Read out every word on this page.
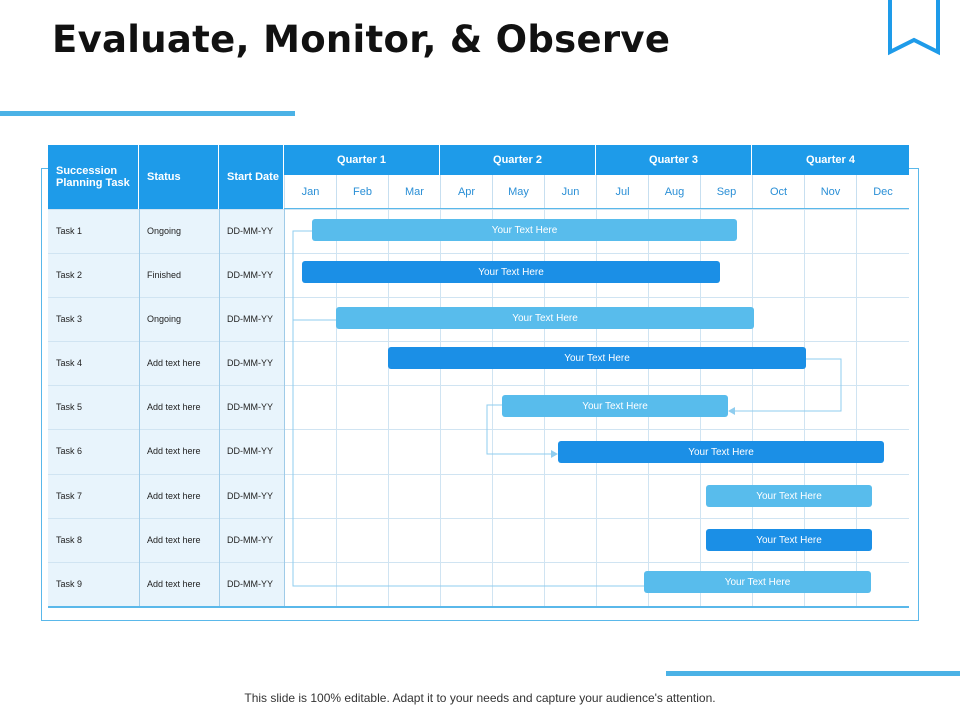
Evaluate, Monitor, & Observe
Succession Planning Task	Status	Start Date
Quarter 1	Quarter 2	Quarter 3	Quarter 4
Jan	Feb	Mar	Apr	May	Jun	Jul	Aug	Sep	Oct	Nov	Dec
Task 1	Ongoing	DD-MM-YY
Task 2	Finished	DD-MM-YY
Task 3	Ongoing	DD-MM-YY
Task 4	Add text here	DD-MM-YY
Task 5	Add text here	DD-MM-YY
Task 6	Add text here	DD-MM-YY
Task 7	Add text here	DD-MM-YY
Task 8	Add text here	DD-MM-YY
Task 9	Add text here	DD-MM-YY
Your Text Here
Your Text Here
Your Text Here
Your Text Here
Your Text Here
Your Text Here
Your Text Here
Your Text Here
Your Text Here
This slide is 100% editable. Adapt it to your needs and capture your audience's attention.
